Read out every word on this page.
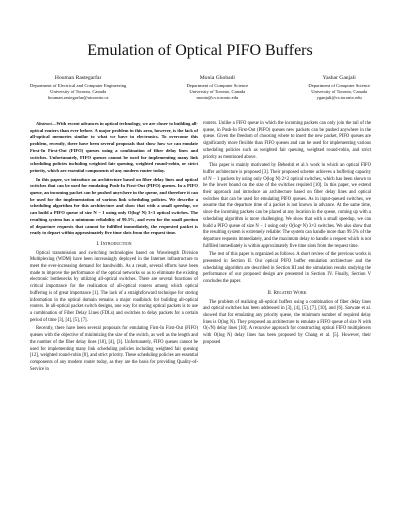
Emulation of Optical PIFO Buffers
Houman Rastegarfar
Department of Electrical and Computer Engineering
University of Toronto, Canada
houman.rastegarfar@utoronto.ca
Monia Ghobadi
Department of Computer Science
University of Toronto, Canada
monia@cs.toronto.edu
Yashar Ganjali
Department of Computer Science
University of Toronto, Canada
yganjali@cs.toronto.edu

Abstract—With recent advances in optical technology, we are closer to building all-optical routers than ever before. A major problem in this area, however, is the lack of all-optical memories similar to what we have in electronics. To overcome this problem, recently, there have been several proposals that show how we can emulate First-In First-Out (FIFO) queues using a combination of fiber delay lines and switches. Unfortunately, FIFO queues cannot be used for implementing many link scheduling policies including weighted fair queuing, weighted round-robin, or strict priority, which are essential components of any modern router today.

In this paper, we introduce an architecture based on fiber delay lines and optical switches that can be used for emulating Push-In First-Out (PIFO) queues. In a PIFO queue, an incoming packet can be pushed anywhere in the queue, and therefore it can be used for the implementation of various link scheduling policies. We describe a scheduling algorithm for this architecture and show that with a small speedup, we can build a PIFO queue of size N − 1 using only O(log² N) 3×3 optical switches. The resulting system has a minimum reliability of 99.5%, and even for the small portion of departure requests that cannot be fulfilled immediately, the requested packet is ready to depart within approximately five time slots from the request time.

I. Introduction

Optical transmission and switching technologies based on Wavelength Division Multiplexing (WDM) have been increasingly deployed in the Internet infrastructure to meet the ever-increasing demand for bandwidth. As a result, several efforts have been made to improve the performance of the optical networks so as to eliminate the existing electronic bottlenecks by utilizing all-optical switches. There are several functions of critical importance for the realization of all-optical routers among which optical buffering is of great importance [1]. The lack of a straightforward technique for storing information in the optical domain remains a major roadblock for building all-optical routers. In all-optical packet switch designs, one way for storing optical packets is to use a combination of Fiber Delay Lines (FDLs) and switches to delay packets for a certain period of time [3], [4], [5], [7].

Recently, there have been several proposals for emulating First-In First-Out (FIFO) queues with the objective of minimizing the size of the switch, as well as the length and the number of the fiber delay lines [10], [4], [3]. Unfortunately, FIFO queues cannot be used for implementing many link scheduling policies including weighted fair queuing [12], weighted round-robin [8], and strict priority. These scheduling policies are essential components of any modern router today, as they are the basis for providing Quality-of-Service in

routers. Unlike a FIFO queue in which the incoming packets can only join the tail of the queue, in Push-In First-Out (PIFO) queues new packets can be pushed anywhere in the queue. Given the freedom of choosing where to insert the new packet, PIFO queues are significantly more flexible than FIFO queues and can be used for implementing various scheduling policies such as weighted fair queuing, weighted round-robin, and strict priority as mentioned above.

This paper is mainly motivated by Beheshti et al.'s work in which an optical FIFO buffer architecture is proposed [3]. Their proposed scheme achieves a buffering capacity of N − 1 packets by using only O(log N) 2×2 optical switches, which has been shown to be the lower bound on the size of the switches required [10]. In this paper, we extend their approach and introduce an architecture based on fiber delay lines and optical switches that can be used for emulating PIFO queues. As in input-queued switches, we assume that the departure time of a packet is not known in advance. At the same time, since the incoming packets can be placed at any location in the queue, coming up with a scheduling algorithm is more challenging. We show that with a small speedup, we can build a PIFO queue of size N − 1 using only O(log² N) 3×3 switches. We also show that the resulting system is extremely reliable: The system can handle more than 99.5% of the departure requests immediately, and the maximum delay to handle a request which is not fulfilled immediately is within approximately five time slots from the request time.

The rest of this paper is organized as follows. A short review of the previous works is presented in Section II. Our optical PIFO buffer emulation architecture and the scheduling algorithm are described in Section III and the simulation results studying the performance of our proposed design are presented in Section IV. Finally, Section V concludes the paper.

II. Related Work

The problem of realizing all-optical buffers using a combination of fiber delay lines and optical switches has been addressed in [3], [4], [5], [7], [10], and [6]. Sarwate et al. showed that for emulating any priority queue, the minimum number of required delay lines is O(log N). They proposed an architecture to emulate a FIFO queue of size N with O(√N) delay lines [10]. A recursive approach for constructing optical FIFO multiplexers with O(log N) delay lines has been proposed by Chang et al. [5]. However, their proposed
